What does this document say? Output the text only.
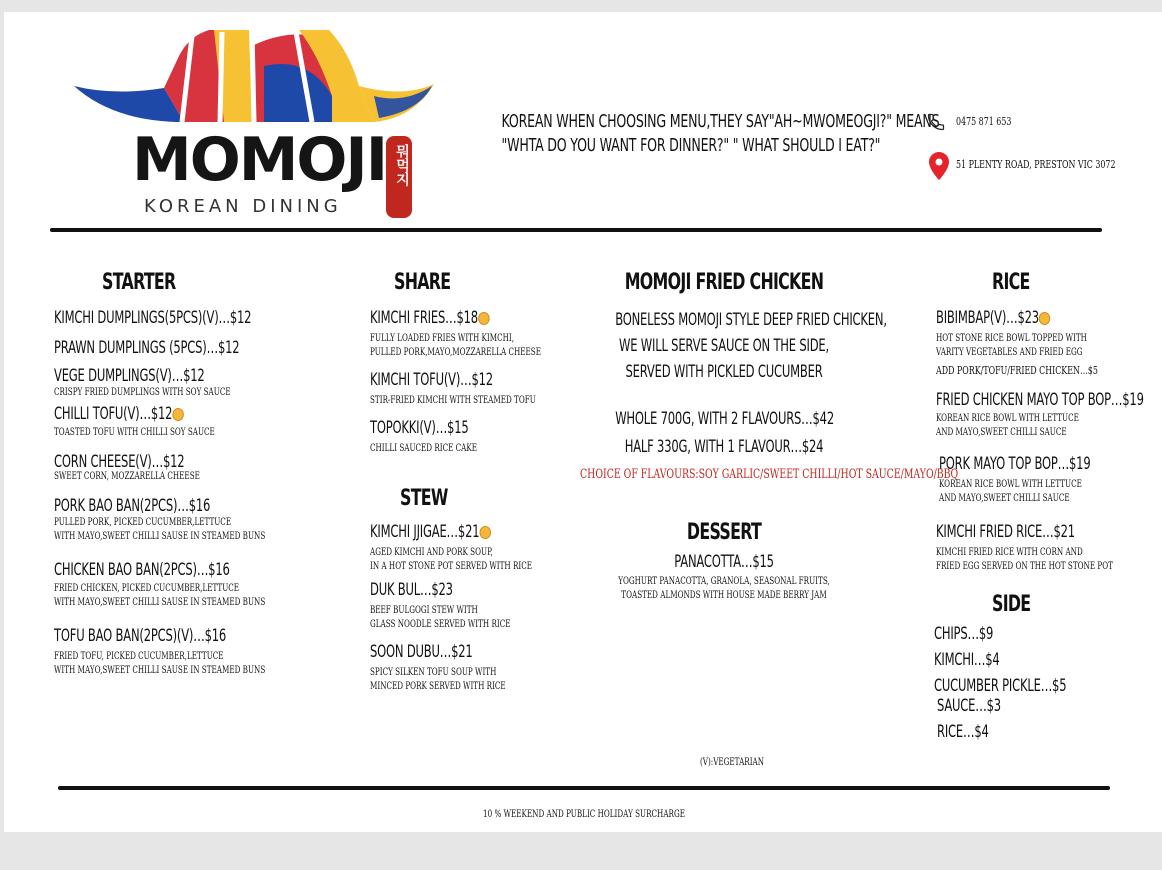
MOMOJI
KOREAN DINING
뭐먹지
KOREAN WHEN CHOOSING MENU,THEY SAY"AH~MWOMEOGJI?" MEANS
"WHTA DO YOU WANT FOR DINNER?" " WHAT SHOULD I EAT?"
0475 871 653
51 PLENTY ROAD, PRESTON VIC 3072
STARTER
KIMCHI DUMPLINGS(5PCS)(V)…$12
PRAWN DUMPLINGS (5PCS)…$12
VEGE DUMPLINGS(V)…$12
CRISPY FRIED DUMPLINGS WITH SOY SAUCE
CHILLI TOFU(V)…$12
TOASTED TOFU WITH CHILLI SOY SAUCE
CORN CHEESE(V)…$12
SWEET CORN, MOZZARELLA CHEESE
PORK BAO BAN(2PCS)…$16
PULLED PORK, PICKED CUCUMBER,LETTUCE
WITH MAYO,SWEET CHILLI SAUSE IN STEAMED BUNS
CHICKEN BAO BAN(2PCS)…$16
FRIED CHICKEN, PICKED CUCUMBER,LETTUCE
WITH MAYO,SWEET CHILLI SAUSE IN STEAMED BUNS
TOFU BAO BAN(2PCS)(V)…$16
FRIED TOFU, PICKED CUCUMBER,LETTUCE
WITH MAYO,SWEET CHILLI SAUSE IN STEAMED BUNS
SHARE
KIMCHI FRIES…$18
FULLY LOADED FRIES WITH KIMCHI,
PULLED PORK,MAYO,MOZZARELLA CHEESE
KIMCHI TOFU(V)…$12
STIR-FRIED KIMCHI WITH STEAMED TOFU
TOPOKKI(V)…$15
CHILLI SAUCED RICE CAKE
STEW
KIMCHI JJIGAE…$21
AGED KIMCHI AND PORK SOUP,
IN A HOT STONE POT SERVED WITH RICE
DUK BUL…$23
BEEF BULGOGI STEW WITH
GLASS NOODLE SERVED WITH RICE
SOON DUBU…$21
SPICY SILKEN TOFU SOUP WITH
MINCED PORK SERVED WITH RICE
MOMOJI FRIED CHICKEN
BONELESS MOMOJI STYLE DEEP FRIED CHICKEN,
WE WILL SERVE SAUCE ON THE SIDE,
SERVED WITH PICKLED CUCUMBER
WHOLE 700G, WITH 2 FLAVOURS…$42
HALF 330G, WITH 1 FLAVOUR…$24
CHOICE OF FLAVOURS:SOY GARLIC/SWEET CHILLI/HOT SAUCE/MAYO/BBQ
DESSERT
PANACOTTA…$15
YOGHURT PANACOTTA, GRANOLA, SEASONAL FRUITS,
TOASTED ALMONDS WITH HOUSE MADE BERRY JAM
RICE
BIBIMBAP(V)…$23
HOT STONE RICE BOWL TOPPED WITH
VARITY VEGETABLES AND FRIED EGG
ADD PORK/TOFU/FRIED CHICKEN…$5
FRIED CHICKEN MAYO TOP BOP…$19
KOREAN RICE BOWL WITH LETTUCE
AND MAYO,SWEET CHILLI SAUCE
PORK MAYO TOP BOP…$19
KOREAN RICE BOWL WITH LETTUCE
AND MAYO,SWEET CHILLI SAUCE
KIMCHI FRIED RICE…$21
KIMCHI FRIED RICE WITH CORN AND
FRIED EGG SERVED ON THE HOT STONE POT
SIDE
CHIPS…$9
KIMCHI…$4
CUCUMBER PICKLE…$5
SAUCE…$3
RICE…$4
(V):VEGETARIAN
10 % WEEKEND AND PUBLIC HOLIDAY SURCHARGE
